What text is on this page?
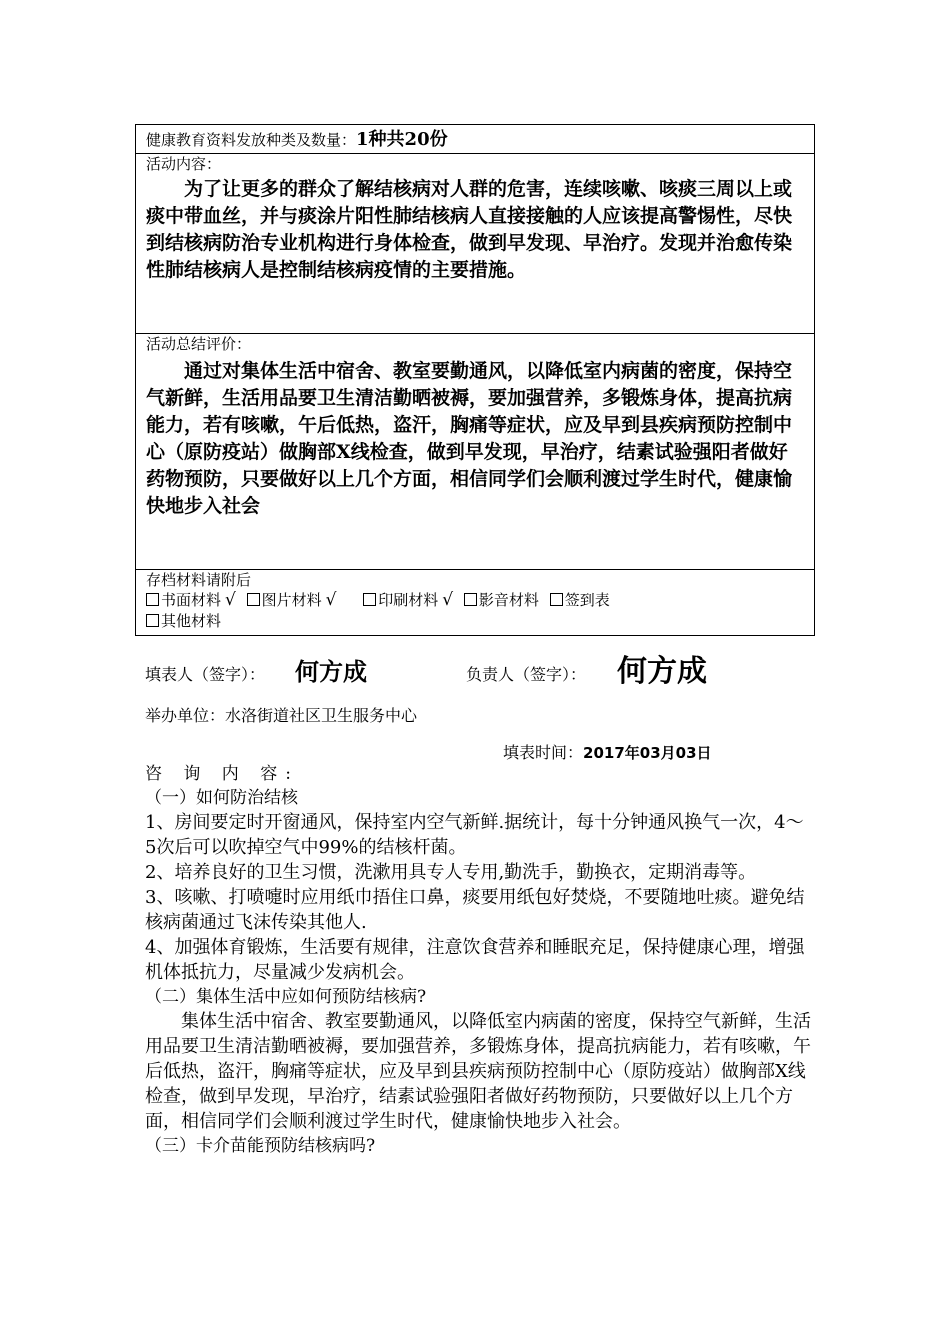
健康教育资料发放种类及数量：1种共20份

活动内容：
为了让更多的群众了解结核病对人群的危害，连续咳嗽、咳痰三周以上或痰中带血丝，并与痰涂片阳性肺结核病人直接接触的人应该提高警惕性，尽快到结核病防治专业机构进行身体检查，做到早发现、早治疗。发现并治愈传染性肺结核病人是控制结核病疫情的主要措施。

活动总结评价：
通过对集体生活中宿舍、教室要勤通风，以降低室内病菌的密度，保持空气新鲜，生活用品要卫生清洁勤晒被褥，要加强营养，多锻炼身体，提高抗病能力，若有咳嗽，午后低热，盗汗，胸痛等症状，应及早到县疾病预防控制中心（原防疫站）做胸部X线检查，做到早发现，早治疗，结素试验强阳者做好药物预防，只要做好以上几个方面，相信同学们会顺利渡过学生时代，健康愉快地步入社会

存档材料请附后
书面材料 √ 图片材料 √	印刷材料 √ 影音材料 签到表
其他材料
填表人（签字）： 何方成	负责人（签字）： 何方成
举办单位：水洛街道社区卫生服务中心
填表时间：2017年03月03日
咨 询 内 容:
（一）如何防治结核

1、房间要定时开窗通风，保持室内空气新鲜.据统计，每十分钟通风换气一次，4～5次后可以吹掉空气中99%的结核杆菌。

2、培养良好的卫生习惯，洗漱用具专人专用,勤洗手，勤换衣，定期消毒等。

3、咳嗽、打喷嚏时应用纸巾捂住口鼻，痰要用纸包好焚烧，不要随地吐痰。避免结核病菌通过飞沫传染其他人.

4、加强体育锻炼，生活要有规律，注意饮食营养和睡眠充足，保持健康心理，增强机体抵抗力，尽量减少发病机会。

（二）集体生活中应如何预防结核病?

集体生活中宿舍、教室要勤通风，以降低室内病菌的密度，保持空气新鲜，生活用品要卫生清洁勤晒被褥，要加强营养，多锻炼身体，提高抗病能力，若有咳嗽，午后低热，盗汗，胸痛等症状，应及早到县疾病预防控制中心（原防疫站）做胸部X线检查，做到早发现，早治疗，结素试验强阳者做好药物预防，只要做好以上几个方面，相信同学们会顺利渡过学生时代，健康愉快地步入社会。

（三）卡介苗能预防结核病吗?
